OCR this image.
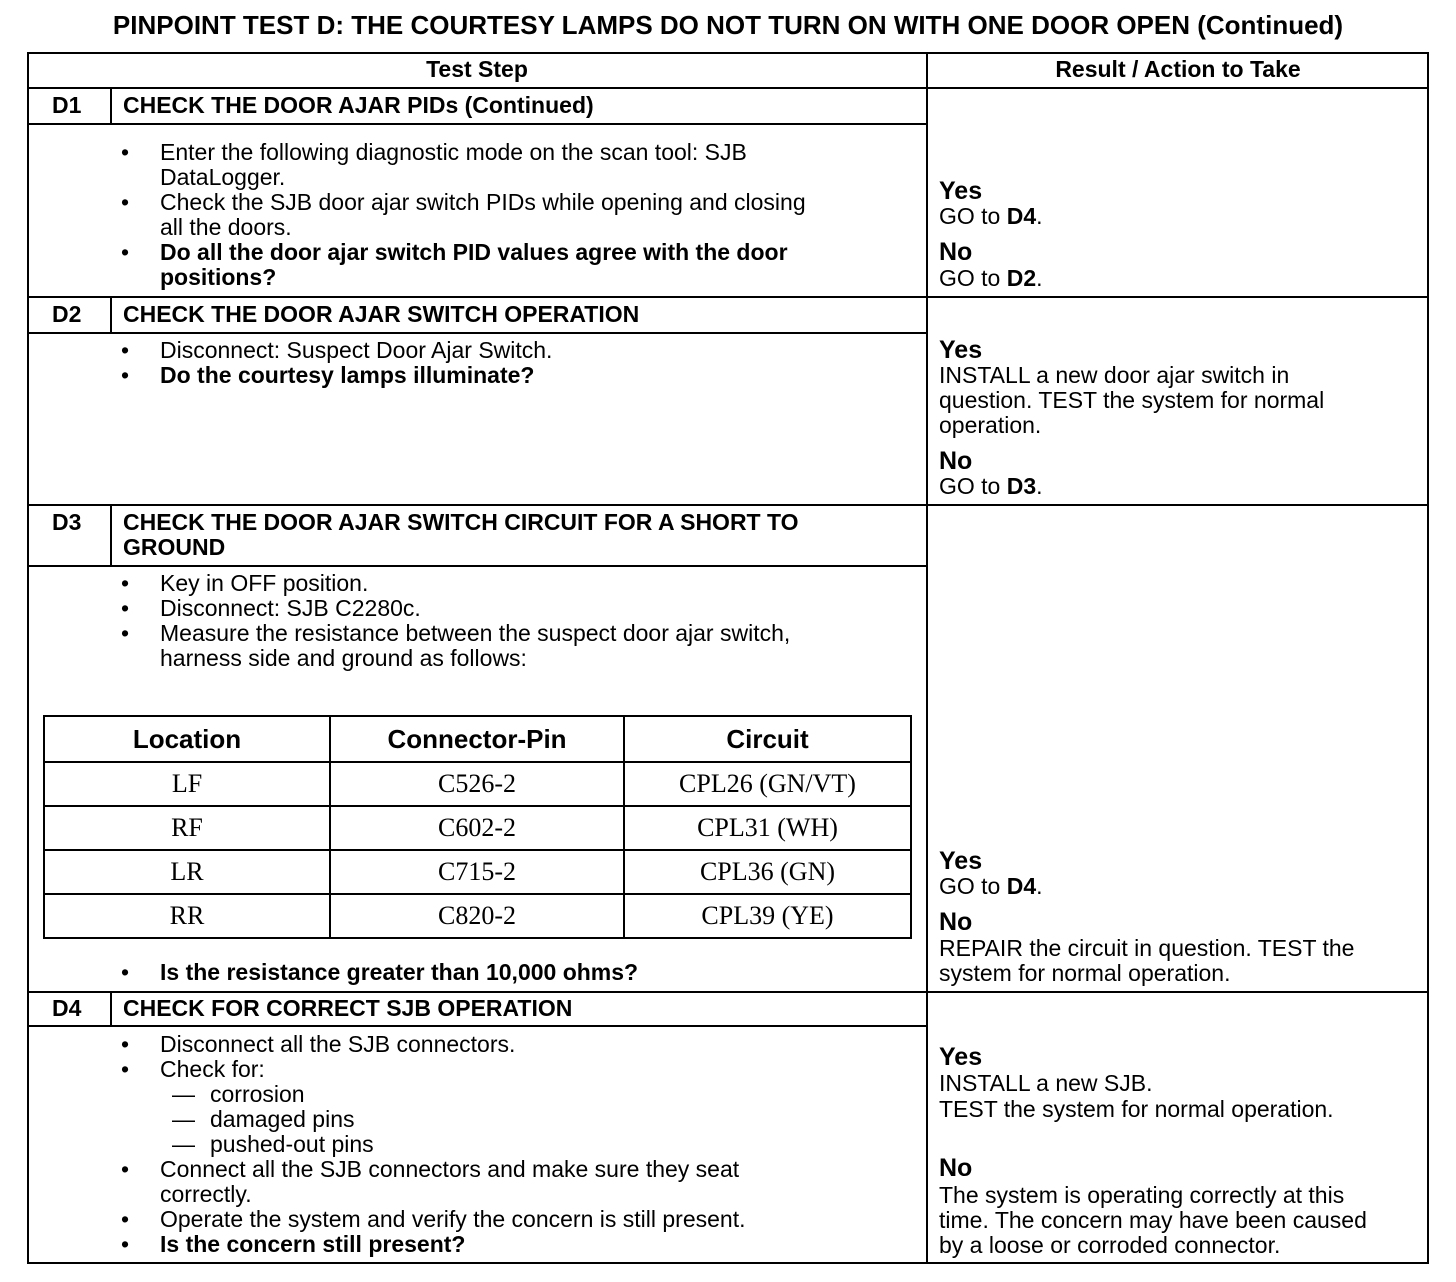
PINPOINT TEST D: THE COURTESY LAMPS DO NOT TURN ON WITH ONE DOOR OPEN (Continued)
Test Step	Result / Action to Take
D1 CHECK THE DOOR AJAR PIDs (Continued)
• Enter the following diagnostic mode on the scan tool: SJB
DataLogger.
• Check the SJB door ajar switch PIDs while opening and closing
all the doors.
• Do all the door ajar switch PID values agree with the door
positions?
Yes
GO to D4.
No
GO to D2.
D2 CHECK THE DOOR AJAR SWITCH OPERATION
• Disconnect: Suspect Door Ajar Switch.
• Do the courtesy lamps illuminate?
Yes
INSTALL a new door ajar switch in
question. TEST the system for normal
operation.
No
GO to D3.
D3 CHECK THE DOOR AJAR SWITCH CIRCUIT FOR A SHORT TO
GROUND
• Key in OFF position.
• Disconnect: SJB C2280c.
• Measure the resistance between the suspect door ajar switch,
harness side and ground as follows:
Location	Connector-Pin	Circuit
LF	C526-2	CPL26 (GN/VT)
RF	C602-2	CPL31 (WH)
LR	C715-2	CPL36 (GN)
RR	C820-2	CPL39 (YE)
• Is the resistance greater than 10,000 ohms?
Yes
GO to D4.
No
REPAIR the circuit in question. TEST the
system for normal operation.
D4 CHECK FOR CORRECT SJB OPERATION
• Disconnect all the SJB connectors.
• Check for:
— corrosion
— damaged pins
— pushed-out pins
• Connect all the SJB connectors and make sure they seat
correctly.
• Operate the system and verify the concern is still present.
• Is the concern still present?
Yes
INSTALL a new SJB.
TEST the system for normal operation.
No
The system is operating correctly at this
time. The concern may have been caused
by a loose or corroded connector.
